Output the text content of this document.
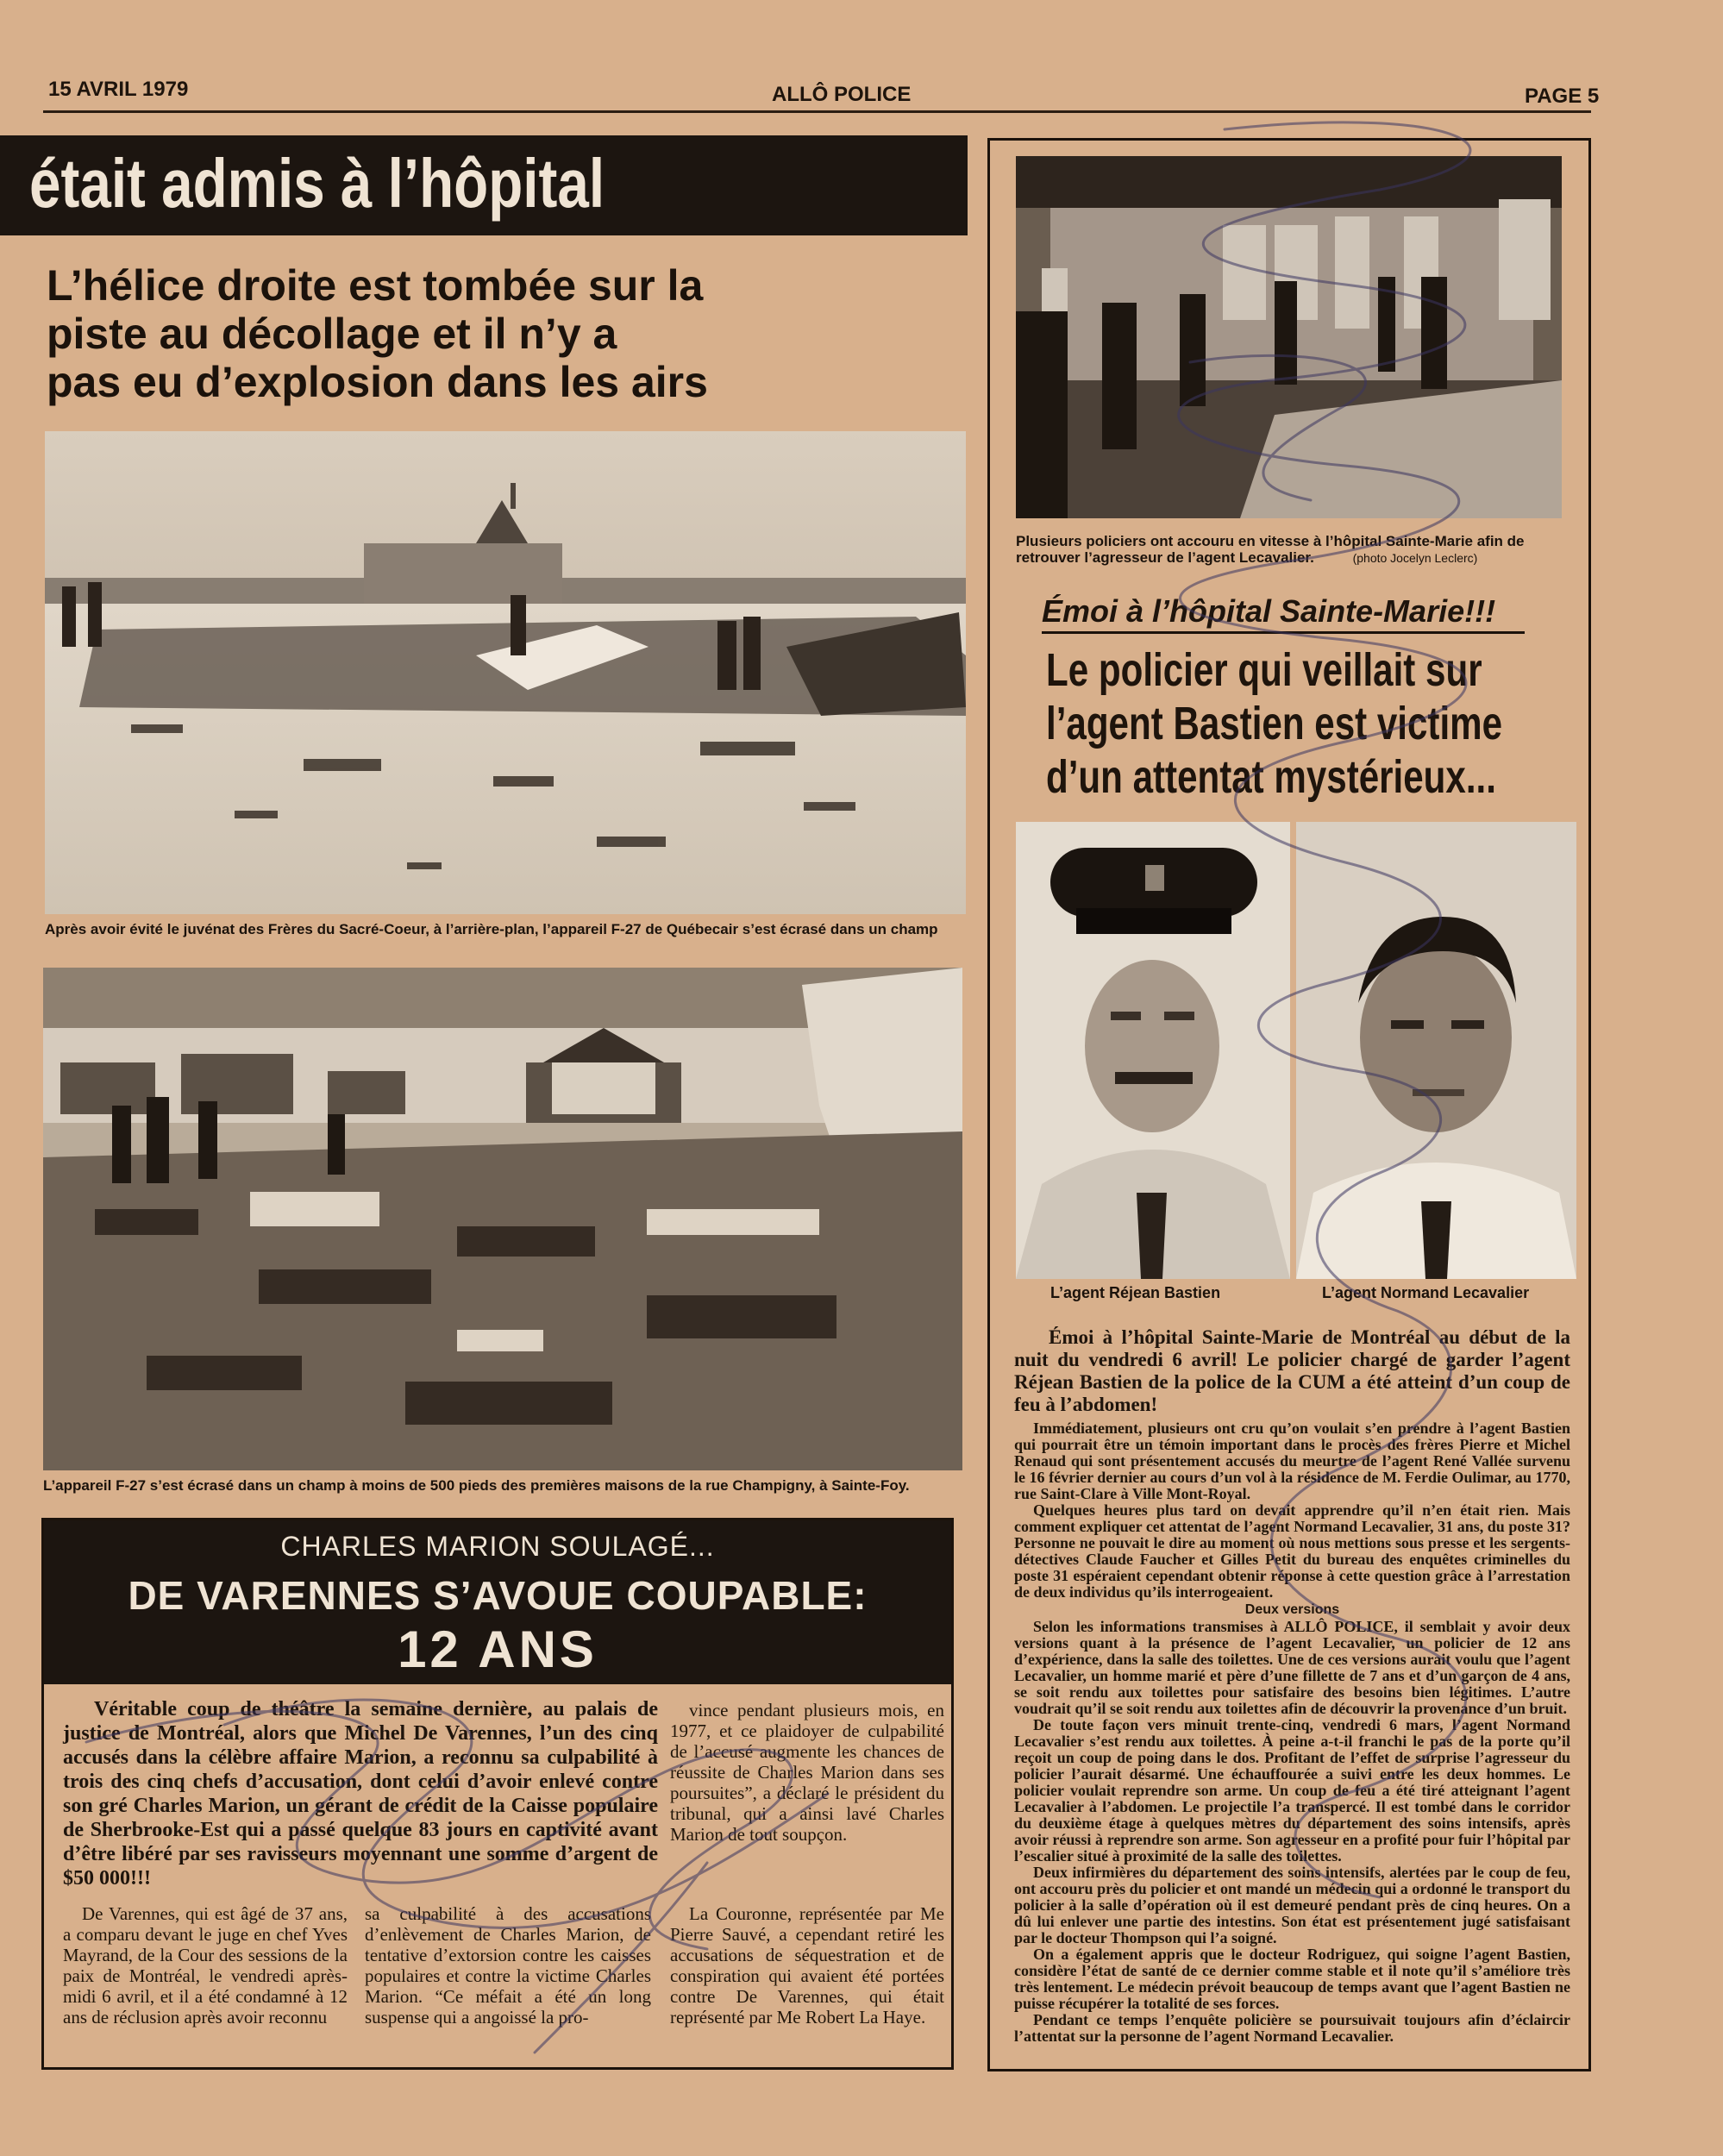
15 AVRIL 1979	ALLÔ POLICE	PAGE 5
était admis à l’hôpital
L’hélice droite est tombée sur la
piste au décollage et il n’y a
pas eu d’explosion dans les airs
Après avoir évité le juvénat des Frères du Sacré-Coeur, à l’arrière-plan, l’appareil F-27 de Québecair s’est écrasé dans un champ
L’appareil F-27 s’est écrasé dans un champ à moins de 500 pieds des premières maisons de la rue Champigny, à Sainte-Foy.
CHARLES MARION SOULAGÉ...
DE VARENNES S’AVOUE COUPABLE:
12 ANS

Véritable coup de théâtre la semaine dernière, au palais de justice de Montréal, alors que Michel De Varennes, l’un des cinq accusés dans la célèbre affaire Marion, a reconnu sa culpabilité à trois des cinq chefs d’accusation, dont celui d’avoir enlevé contre son gré Charles Marion, un gérant de crédit de la Caisse populaire de Sherbrooke-Est qui a passé quelque 83 jours en captivité avant d’être libéré par ses ravisseurs moyennant une somme d’argent de $50 000!!!

vince pendant plusieurs mois, en 1977, et ce plaidoyer de culpabilité de l’accusé augmente les chances de réussite de Charles Marion dans ses poursuites”, a déclaré le président du tribunal, qui a ainsi lavé Charles Marion de tout soupçon.

De Varennes, qui est âgé de 37 ans, a comparu devant le juge en chef Yves Mayrand, de la Cour des sessions de la paix de Montréal, le vendredi après-midi 6 avril, et il a été condamné à 12 ans de réclusion après avoir reconnu

sa culpabilité à des accusations d’enlèvement de Charles Marion, de tentative d’extorsion contre les caisses populaires et contre la victime Charles Marion. “Ce méfait a été un long suspense qui a angoissé la pro-

La Couronne, représentée par Me Pierre Sauvé, a cependant retiré les accusations de séquestration et de conspiration qui avaient été portées contre De Varennes, qui était représenté par Me Robert La Haye.

Plusieurs policiers ont accouru en vitesse à l’hôpital Sainte-Marie afin de retrouver l’agresseur de l’agent Lecavalier.	(photo Jocelyn Leclerc)
Émoi à l’hôpital Sainte-Marie!!!
Le policier qui veillait sur
l’agent Bastien est victime
d’un attentat mystérieux...
L’agent Réjean Bastien	L’agent Normand Lecavalier

Émoi à l’hôpital Sainte-Marie de Montréal au début de la nuit du vendredi 6 avril! Le policier chargé de garder l’agent Réjean Bastien de la police de la CUM a été atteint d’un coup de feu à l’abdomen!

Immédiatement, plusieurs ont cru qu’on voulait s’en prendre à l’agent Bastien qui pourrait être un témoin important dans le procès des frères Pierre et Michel Renaud qui sont présentement accusés du meurtre de l’agent René Vallée survenu le 16 février dernier au cours d’un vol à la résidence de M. Ferdie Oulimar, au 1770, rue Saint-Clare à Ville Mont-Royal.

Quelques heures plus tard on devait apprendre qu’il n’en était rien. Mais comment expliquer cet attentat de l’agent Normand Lecavalier, 31 ans, du poste 31? Personne ne pouvait le dire au moment où nous mettions sous presse et les sergents-détectives Claude Faucher et Gilles Petit du bureau des enquêtes criminelles du poste 31 espéraient cependant obtenir réponse à cette question grâce à l’arrestation de deux individus qu’ils interrogeaient.

Deux versions

Selon les informations transmises à ALLÔ POLICE, il semblait y avoir deux versions quant à la présence de l’agent Lecavalier, un policier de 12 ans d’expérience, dans la salle des toilettes. Une de ces versions aurait voulu que l’agent Lecavalier, un homme marié et père d’une fillette de 7 ans et d’un garçon de 4 ans, se soit rendu aux toilettes pour satisfaire des besoins bien légitimes. L’autre voudrait qu’il se soit rendu aux toilettes afin de découvrir la provenance d’un bruit.

De toute façon vers minuit trente-cinq, vendredi 6 mars, l’agent Normand Lecavalier s’est rendu aux toilettes. À peine a-t-il franchi le pas de la porte qu’il reçoit un coup de poing dans le dos. Profitant de l’effet de surprise l’agresseur du policier l’aurait désarmé. Une échauffourée a suivi entre les deux hommes. Le policier voulait reprendre son arme. Un coup de feu a été tiré atteignant l’agent Lecavalier à l’abdomen. Le projectile l’a transpercé. Il est tombé dans le corridor du deuxième étage à quelques mètres du département des soins intensifs, après avoir réussi à reprendre son arme. Son agresseur en a profité pour fuir l’hôpital par l’escalier situé à proximité de la salle des toilettes.

Deux infirmières du département des soins intensifs, alertées par le coup de feu, ont accouru près du policier et ont mandé un médecin qui a ordonné le transport du policier à la salle d’opération où il est demeuré pendant près de cinq heures. On a dû lui enlever une partie des intestins. Son état est présentement jugé satisfaisant par le docteur Thompson qui l’a soigné.

On a également appris que le docteur Rodriguez, qui soigne l’agent Bastien, considère l’état de santé de ce dernier comme stable et il note qu’il s’améliore très très lentement. Le médecin prévoit beaucoup de temps avant que l’agent Bastien ne puisse récupérer la totalité de ses forces.

Pendant ce temps l’enquête policière se poursuivait toujours afin d’éclaircir l’attentat sur la personne de l’agent Normand Lecavalier.
